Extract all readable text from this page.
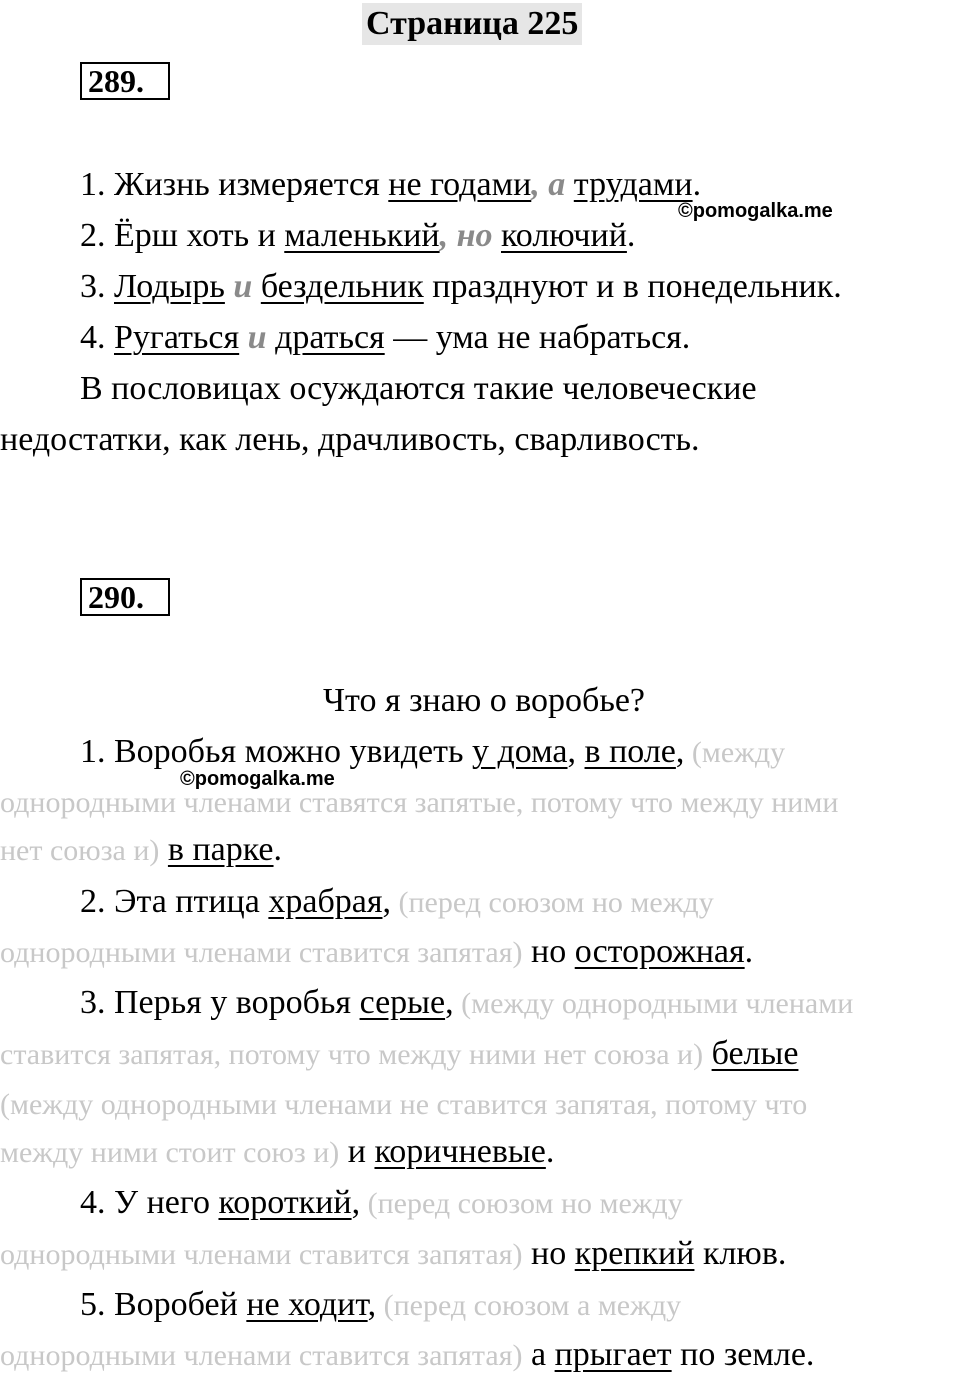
Страница 225
289.
1. Жизнь измеряется не годами, а трудами.
©pomogalka.me
2. Ёрш хоть и маленький, но колючий.
3. Лодырь и бездельник празднуют и в понедельник.
4. Ругаться и драться — ума не набраться.
В пословицах осуждаются такие человеческие
недостатки, как лень, драчливость, сварливость.
290.
Что я знаю о воробье?
1. Воробья можно увидеть у дома, в поле, (между
©pomogalka.me
однородными членами ставятся запятые, потому что между ними
нет союза и) в парке.
2. Эта птица храбрая, (перед союзом но между
однородными членами ставится запятая) но осторожная.
3. Перья у воробья серые, (между однородными членами
ставится запятая, потому что между ними нет союза и) белые
(между однородными членами не ставится запятая, потому что
между ними стоит союз и) и коричневые.
4. У него короткий, (перед союзом но между
однородными членами ставится запятая) но крепкий клюв.
5. Воробей не ходит, (перед союзом а между
однородными членами ставится запятая) а прыгает по земле.
